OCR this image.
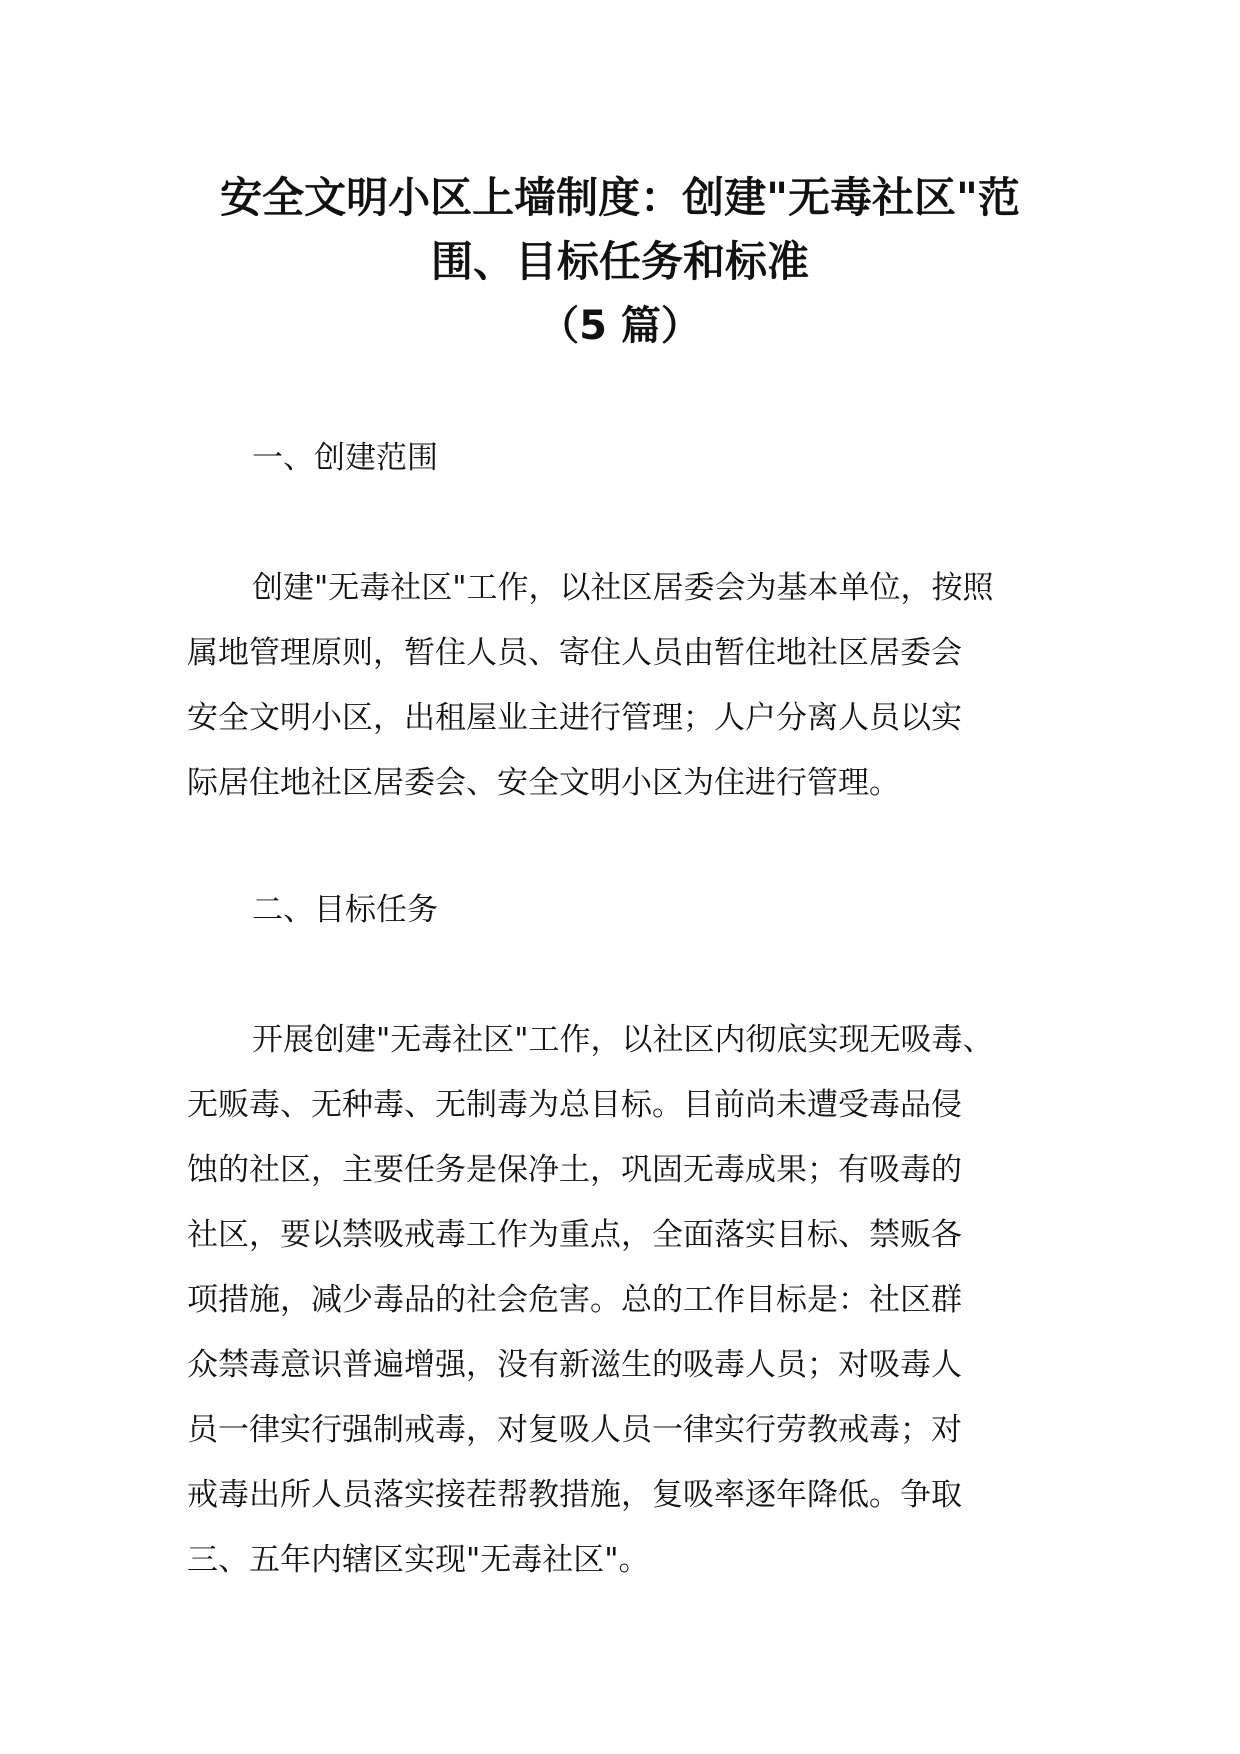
安全文明小区上墙制度：创建"无毒社区"范
围、目标任务和标准
（5 篇）
一、创建范围
创建"无毒社区"工作，以社区居委会为基本单位，按照
属地管理原则，暂住人员、寄住人员由暂住地社区居委会
安全文明小区，出租屋业主进行管理；人户分离人员以实
际居住地社区居委会、安全文明小区为住进行管理。
二、目标任务
开展创建"无毒社区"工作，以社区内彻底实现无吸毒、
无贩毒、无种毒、无制毒为总目标。目前尚未遭受毒品侵
蚀的社区，主要任务是保净土，巩固无毒成果；有吸毒的
社区，要以禁吸戒毒工作为重点，全面落实目标、禁贩各
项措施，减少毒品的社会危害。总的工作目标是：社区群
众禁毒意识普遍增强，没有新滋生的吸毒人员；对吸毒人
员一律实行强制戒毒，对复吸人员一律实行劳教戒毒；对
戒毒出所人员落实接茬帮教措施，复吸率逐年降低。争取
三、五年内辖区实现"无毒社区"。
